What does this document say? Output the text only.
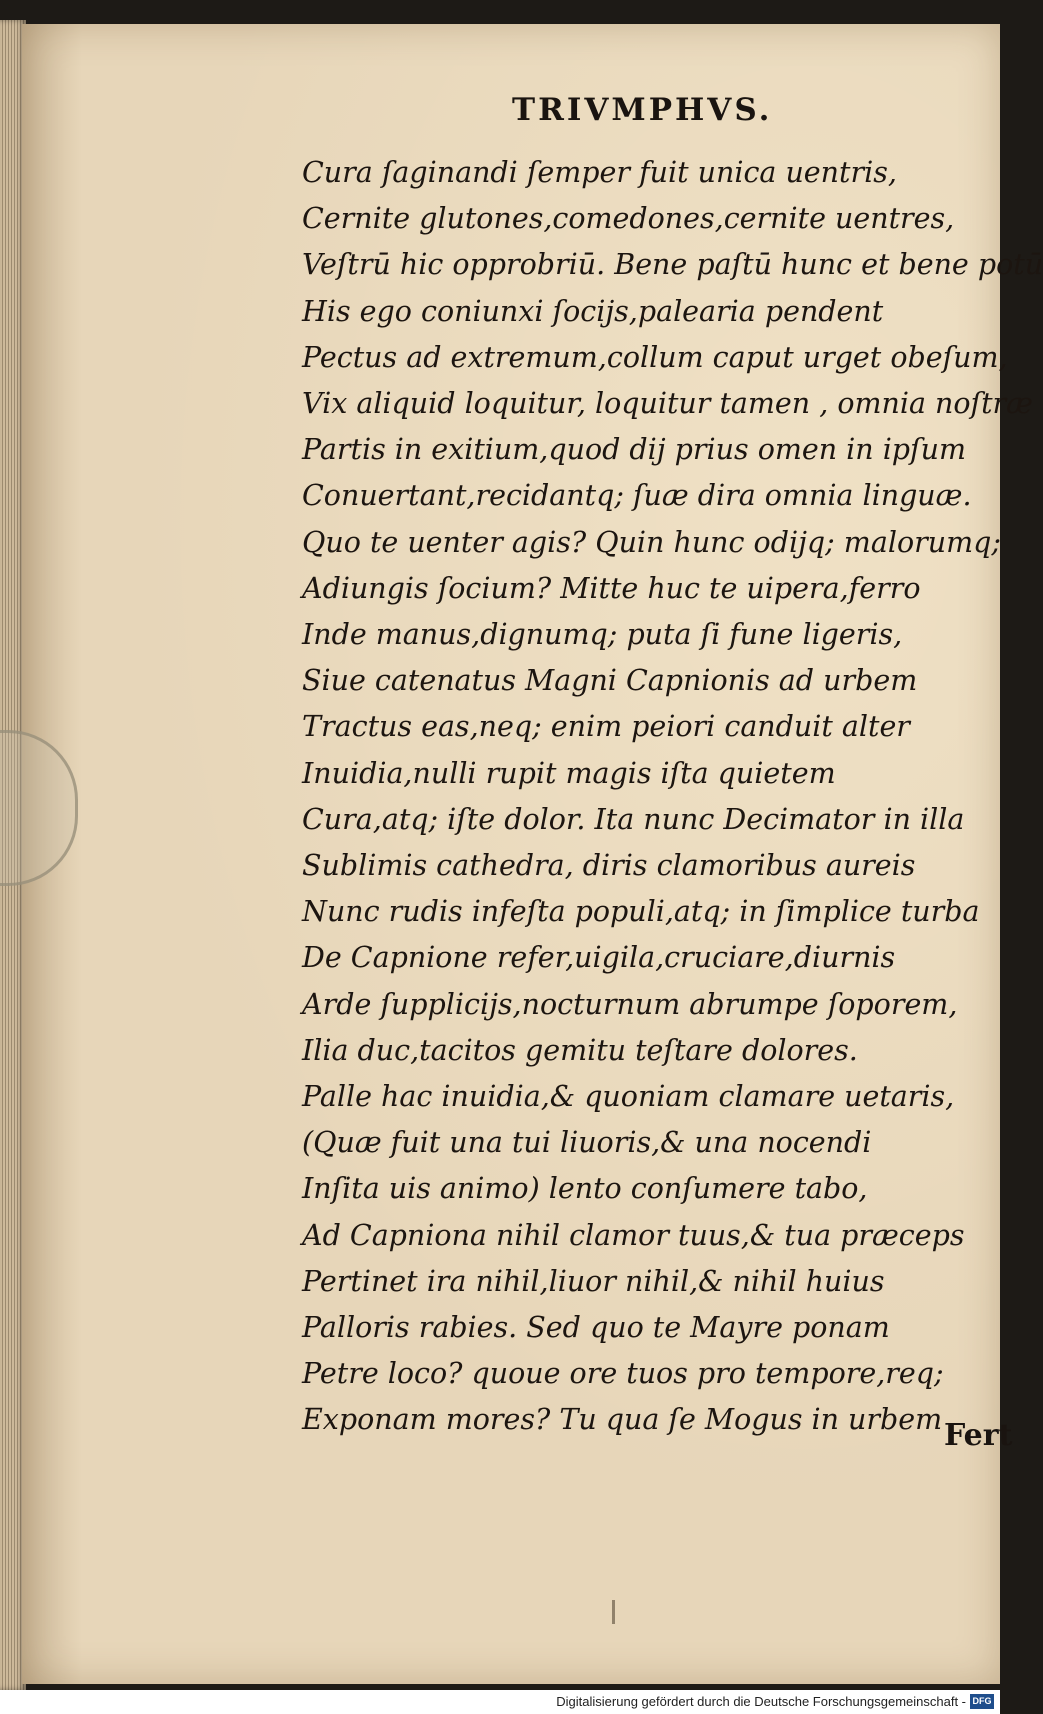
TRIVMPHVS.
Cura ſaginandi ſemper fuit unica uentris,
Cernite glutones,comedones,cernite uentres,
Veſtrū hic opprobriū. Bene paſtū hunc et bene potū
His ego coniunxi ſocijs,palearia pendent
Pectus ad extremum,collum caput urget obeſum,
Vix aliquid loquitur, loquitur tamen , omnia noſtræ
Partis in exitium,quod dij prius omen in ipſum
Conuertant,recidantq; ſuæ dira omnia linguæ.
Quo te uenter agis? Quin hunc odijq; malorumq;
Adiungis ſocium? Mitte huc te uipera,ferro
Inde manus,dignumq; puta ſi fune ligeris,
Siue catenatus Magni Capnionis ad urbem
Tractus eas,neq; enim peiori canduit alter
Inuidia,nulli rupit magis iſta quietem
Cura,atq; iſte dolor. Ita nunc Decimator in illa
Sublimis cathedra, diris clamoribus aureis
Nunc rudis infeſta populi,atq; in ſimplice turba
De Capnione refer,uigila,cruciare,diurnis
Arde ſupplicijs,nocturnum abrumpe ſoporem,
Ilia duc,tacitos gemitu teſtare dolores.
Palle hac inuidia,& quoniam clamare uetaris,
(Quæ fuit una tui liuoris,& una nocendi
Inſita uis animo) lento conſumere tabo,
Ad Capniona nihil clamor tuus,& tua præceps
Pertinet ira nihil,liuor nihil,& nihil huius
Palloris rabies. Sed quo te Mayre ponam
Petre loco? quoue ore tuos pro tempore,req;
Exponam mores? Tu qua ſe Mogus in urbem Fert
Digitalisierung gefördert durch die Deutsche Forschungsgemeinschaft - DFG
